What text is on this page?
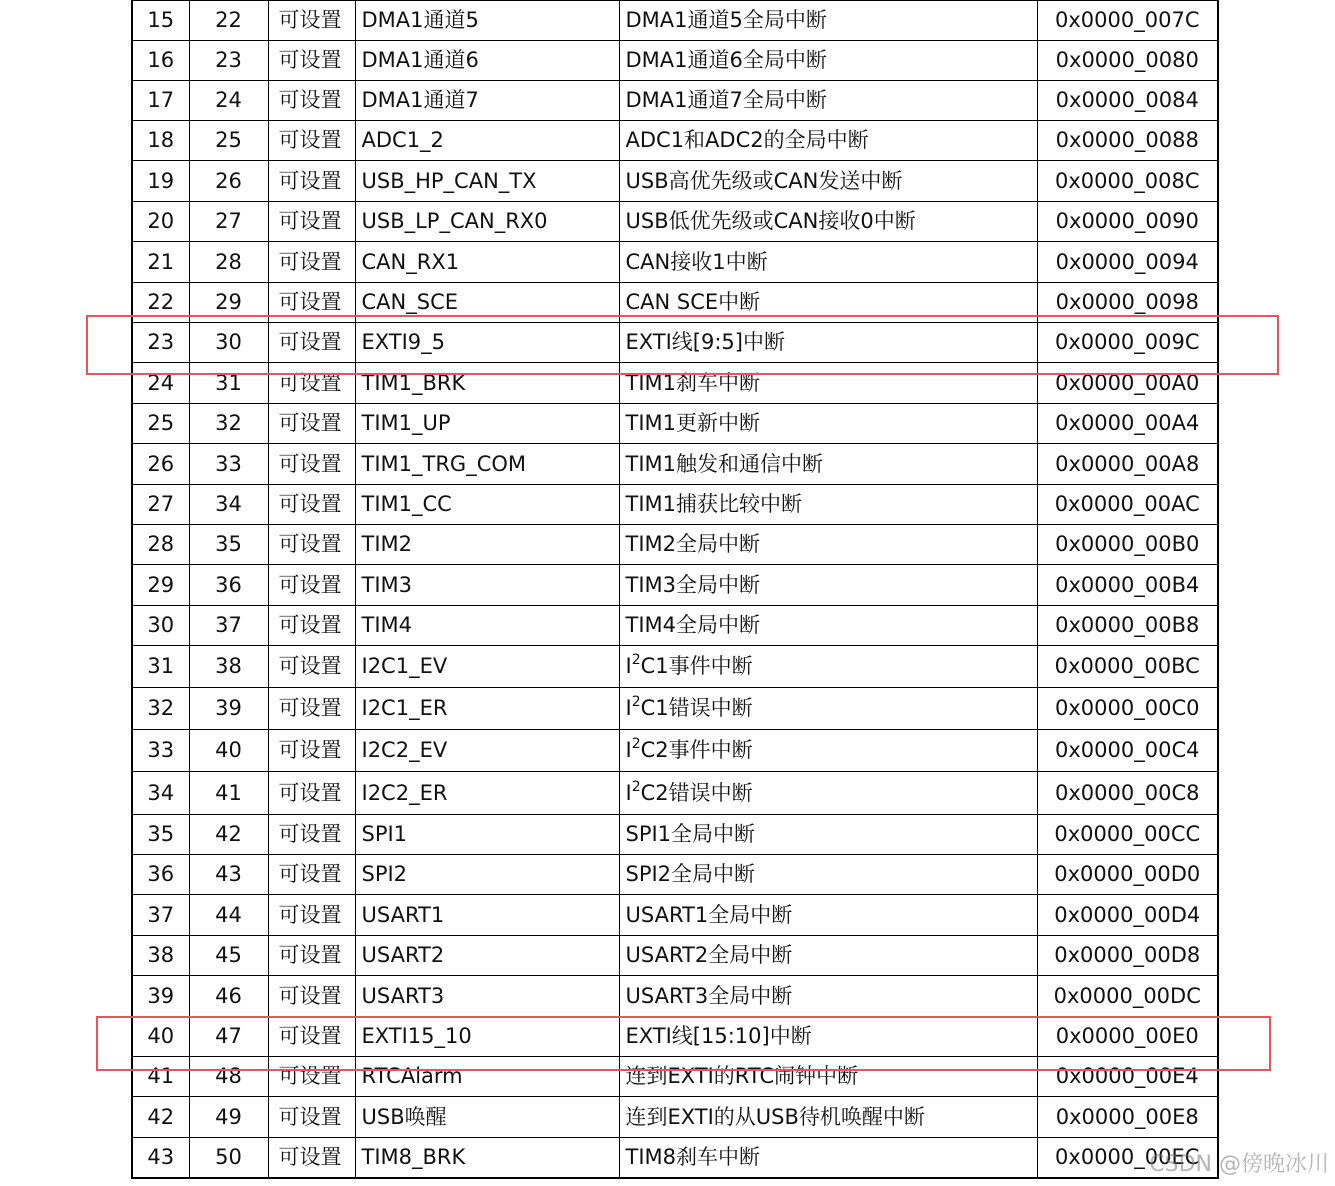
15	22	可设置	DMA1通道5	DMA1通道5全局中断	0x0000_007C
16	23	可设置	DMA1通道6	DMA1通道6全局中断	0x0000_0080
17	24	可设置	DMA1通道7	DMA1通道7全局中断	0x0000_0084
18	25	可设置	ADC1_2	ADC1和ADC2的全局中断	0x0000_0088
19	26	可设置	USB_HP_CAN_TX	USB高优先级或CAN发送中断	0x0000_008C
20	27	可设置	USB_LP_CAN_RX0	USB低优先级或CAN接收0中断	0x0000_0090
21	28	可设置	CAN_RX1	CAN接收1中断	0x0000_0094
22	29	可设置	CAN_SCE	CAN SCE中断	0x0000_0098
23	30	可设置	EXTI9_5	EXTI线[9:5]中断	0x0000_009C
24	31	可设置	TIM1_BRK	TIM1刹车中断	0x0000_00A0
25	32	可设置	TIM1_UP	TIM1更新中断	0x0000_00A4
26	33	可设置	TIM1_TRG_COM	TIM1触发和通信中断	0x0000_00A8
27	34	可设置	TIM1_CC	TIM1捕获比较中断	0x0000_00AC
28	35	可设置	TIM2	TIM2全局中断	0x0000_00B0
29	36	可设置	TIM3	TIM3全局中断	0x0000_00B4
30	37	可设置	TIM4	TIM4全局中断	0x0000_00B8
31	38	可设置	I2C1_EV	$I^2C1$事件中断	0x0000_00BC
32	39	可设置	I2C1_ER	$I^2C1$错误中断	0x0000_00C0
33	40	可设置	I2C2_EV	$I^2C2$事件中断	0x0000_00C4
34	41	可设置	I2C2_ER	$I^2C2$错误中断	0x0000_00C8
35	42	可设置	SPI1	SPI1全局中断	0x0000_00CC
36	43	可设置	SPI2	SPI2全局中断	0x0000_00D0
37	44	可设置	USART1	USART1全局中断	0x0000_00D4
38	45	可设置	USART2	USART2全局中断	0x0000_00D8
39	46	可设置	USART3	USART3全局中断	0x0000_00DC
40	47	可设置	EXTI15_10	EXTI线[15:10]中断	0x0000_00E0
41	48	可设置	RTCAlarm	连到EXTI的RTC闹钟中断	0x0000_00E4
42	49	可设置	USB唤醒	连到EXTI的从USB待机唤醒中断	0x0000_00E8
43	50	可设置	TIM8_BRK	TIM8刹车中断	0x0000_00EC
CSDN @傍晚冰川
